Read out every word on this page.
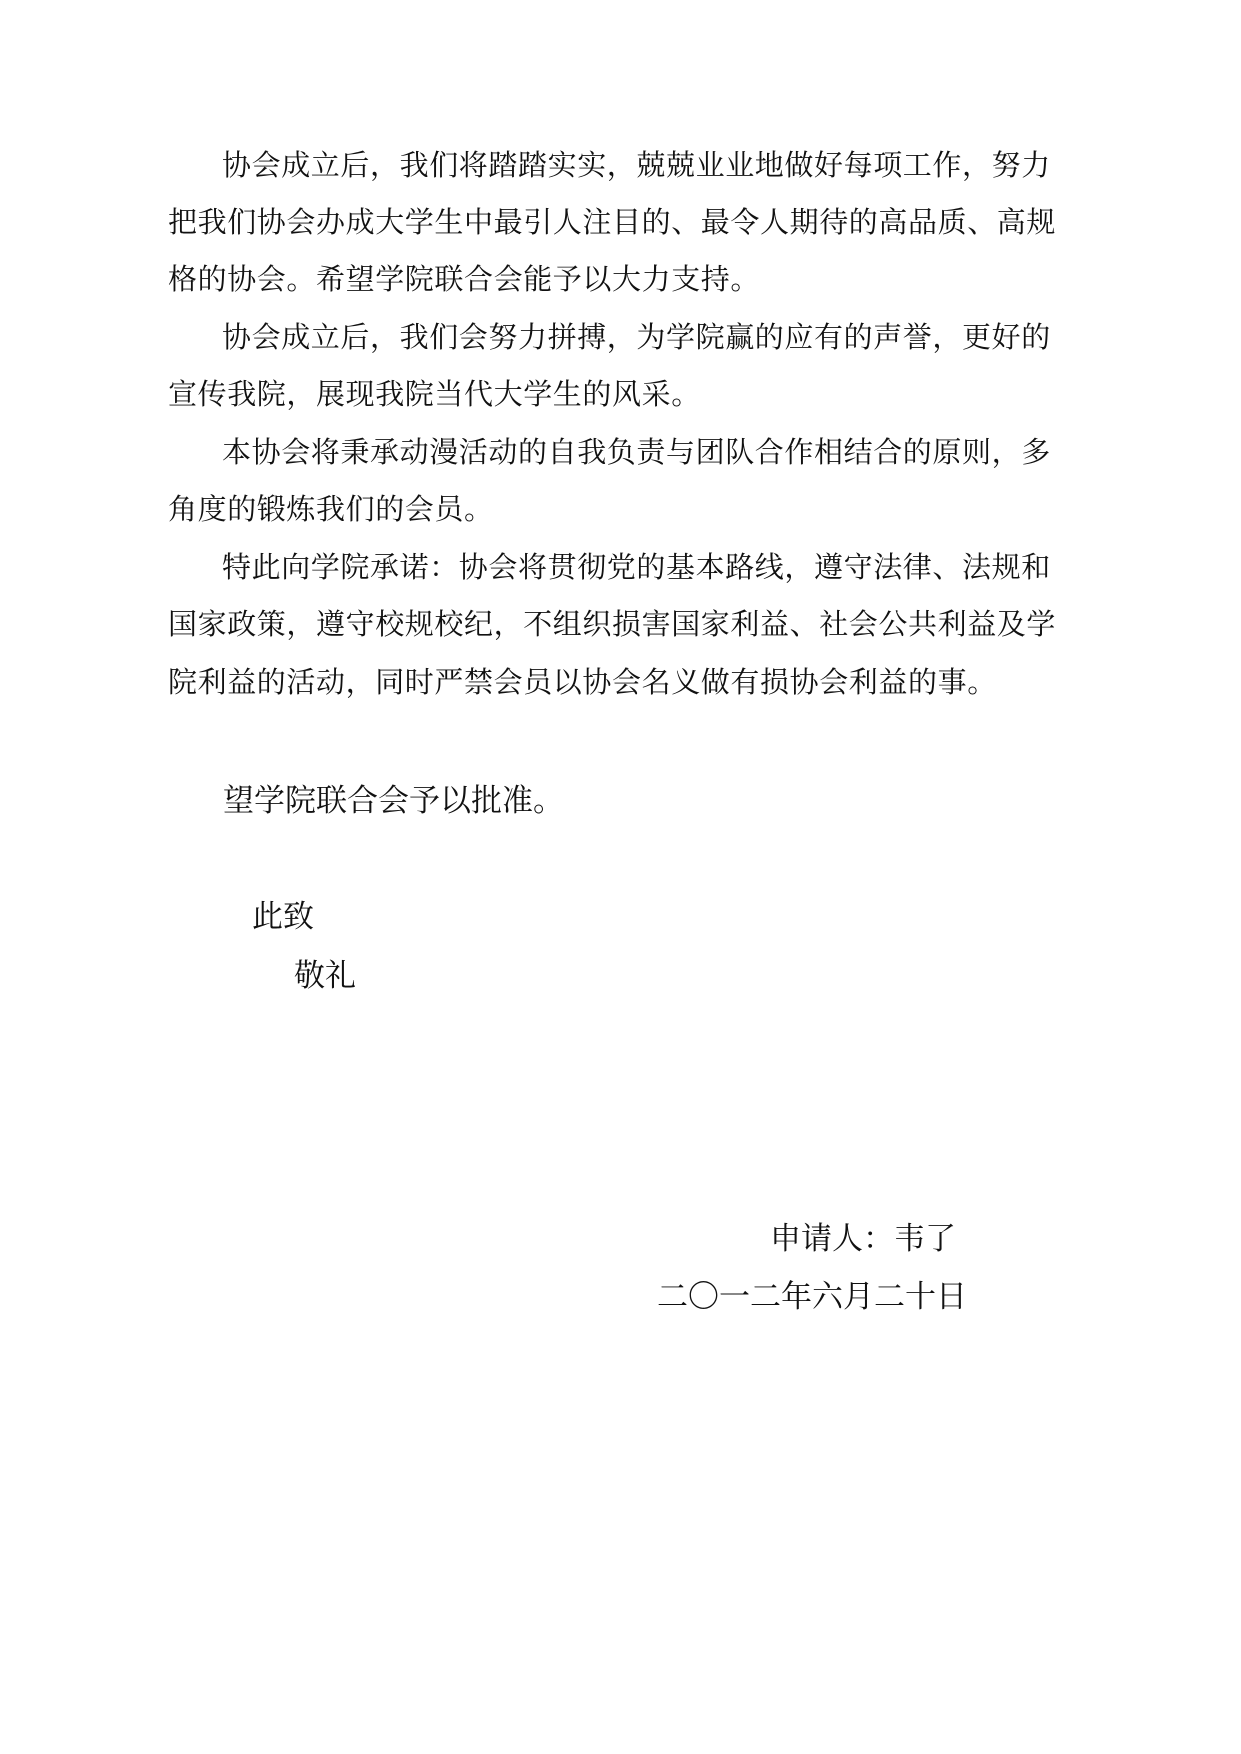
协会成立后，我们将踏踏实实，兢兢业业地做好每项工作，努力
把我们协会办成大学生中最引人注目的、最令人期待的高品质、高规
格的协会。希望学院联合会能予以大力支持。
协会成立后，我们会努力拼搏，为学院赢的应有的声誉，更好的
宣传我院，展现我院当代大学生的风采。
本协会将秉承动漫活动的自我负责与团队合作相结合的原则，多
角度的锻炼我们的会员。
特此向学院承诺：协会将贯彻党的基本路线，遵守法律、法规和
国家政策，遵守校规校纪，不组织损害国家利益、社会公共利益及学
院利益的活动，同时严禁会员以协会名义做有损协会利益的事。
望学院联合会予以批准。
此致
敬礼
申请人：韦了
二〇一二年六月二十日
